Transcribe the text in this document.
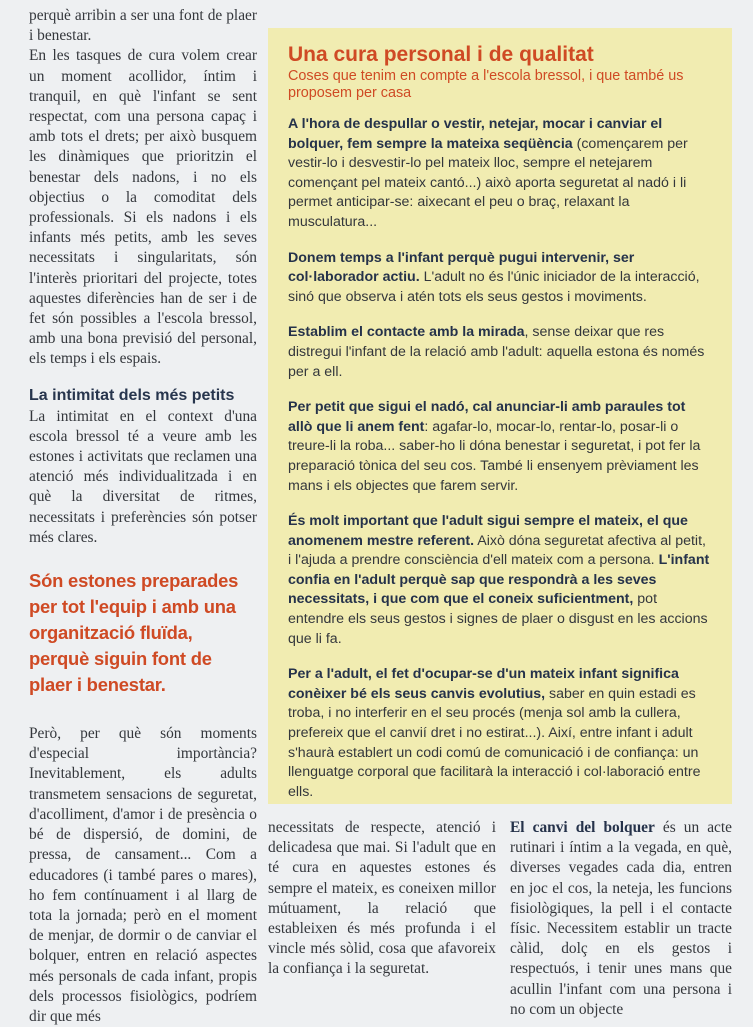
perquè arribin a ser una font de plaer i benestar.

En les tasques de cura volem crear un moment acollidor, íntim i tranquil, en què l'infant se sent respectat, com una persona capaç i amb tots el drets; per això busquem les dinàmiques que prioritzin el benestar dels nadons, i no els objectius o la comoditat dels professionals. Si els nadons i els infants més petits, amb les seves necessitats i singularitats, són l'interès prioritari del projecte, totes aquestes diferències han de ser i de fet són possibles a l'escola bressol, amb una bona previsió del personal, els temps i els espais.

La intimitat dels més petits

La intimitat en el context d'una escola bressol té a veure amb les estones i activitats que reclamen una atenció més individualitzada i en què la diversitat de ritmes, necessitats i preferències són potser més clares.

Són estones preparades per tot l'equip i amb una organització fluïda, perquè siguin font de plaer i benestar.

Però, per què són moments d'especial importància? Inevitablement, els adults transmetem sensacions de seguretat, d'acolliment, d'amor i de presència o bé de dispersió, de domini, de pressa, de cansament... Com a educadores (i també pares o mares), ho fem contínuament i al llarg de tota la jornada; però en el moment de menjar, de dormir o de canviar el bolquer, entren en relació aspectes més personals de cada infant, propis dels processos fisiològics, podríem dir que més

Una cura personal i de qualitat
Coses que tenim en compte a l'escola bressol, i que també us proposem per casa

A l'hora de despullar o vestir, netejar, mocar i canviar el bolquer, fem sempre la mateixa seqüència (començarem per vestir-lo i desvestir-lo pel mateix lloc, sempre el netejarem començant pel mateix cantó...) això aporta seguretat al nadó i li permet anticipar-se: aixecant el peu o braç, relaxant la musculatura...

Donem temps a l'infant perquè pugui intervenir, ser col·laborador actiu. L'adult no és l'únic iniciador de la interacció, sinó que observa i atén tots els seus gestos i moviments.

Establim el contacte amb la mirada, sense deixar que res distregui l'infant de la relació amb l'adult: aquella estona és només per a ell.

Per petit que sigui el nadó, cal anunciar-li amb paraules tot allò que li anem fent: agafar-lo, mocar-lo, rentar-lo, posar-li o treure-li la roba... saber-ho li dóna benestar i seguretat, i pot fer la preparació tònica del seu cos. També li ensenyem prèviament les mans i els objectes que farem servir.

És molt important que l'adult sigui sempre el mateix, el que anomenem mestre referent. Això dóna seguretat afectiva al petit, i l'ajuda a prendre consciència d'ell mateix com a persona. L'infant confia en l'adult perquè sap que respondrà a les seves necessitats, i que com que el coneix suficientment, pot entendre els seus gestos i signes de plaer o disgust en les accions que li fa.

Per a l'adult, el fet d'ocupar-se d'un mateix infant significa conèixer bé els seus canvis evolutius, saber en quin estadi es troba, i no interferir en el seu procés (menja sol amb la cullera, prefereix que el canvií dret i no estirat...). Així, entre infant i adult s'haurà establert un codi comú de comunicació i de confiança: un llenguatge corporal que facilitarà la interacció i col·laboració entre ells.

necessitats de respecte, atenció i delicadesa que mai. Si l'adult que en té cura en aquestes estones és sempre el mateix, es coneixen millor mútuament, la relació que estableixen és més profunda i el vincle més sòlid, cosa que afavoreix la confiança i la seguretat.

El canvi del bolquer és un acte rutinari i íntim a la vegada, en què, diverses vegades cada dia, entren en joc el cos, la neteja, les funcions fisiològiques, la pell i el contacte físic. Necessitem establir un tracte càlid, dolç en els gestos i respectuós, i tenir unes mans que acullin l'infant com una persona i no com un objecte
